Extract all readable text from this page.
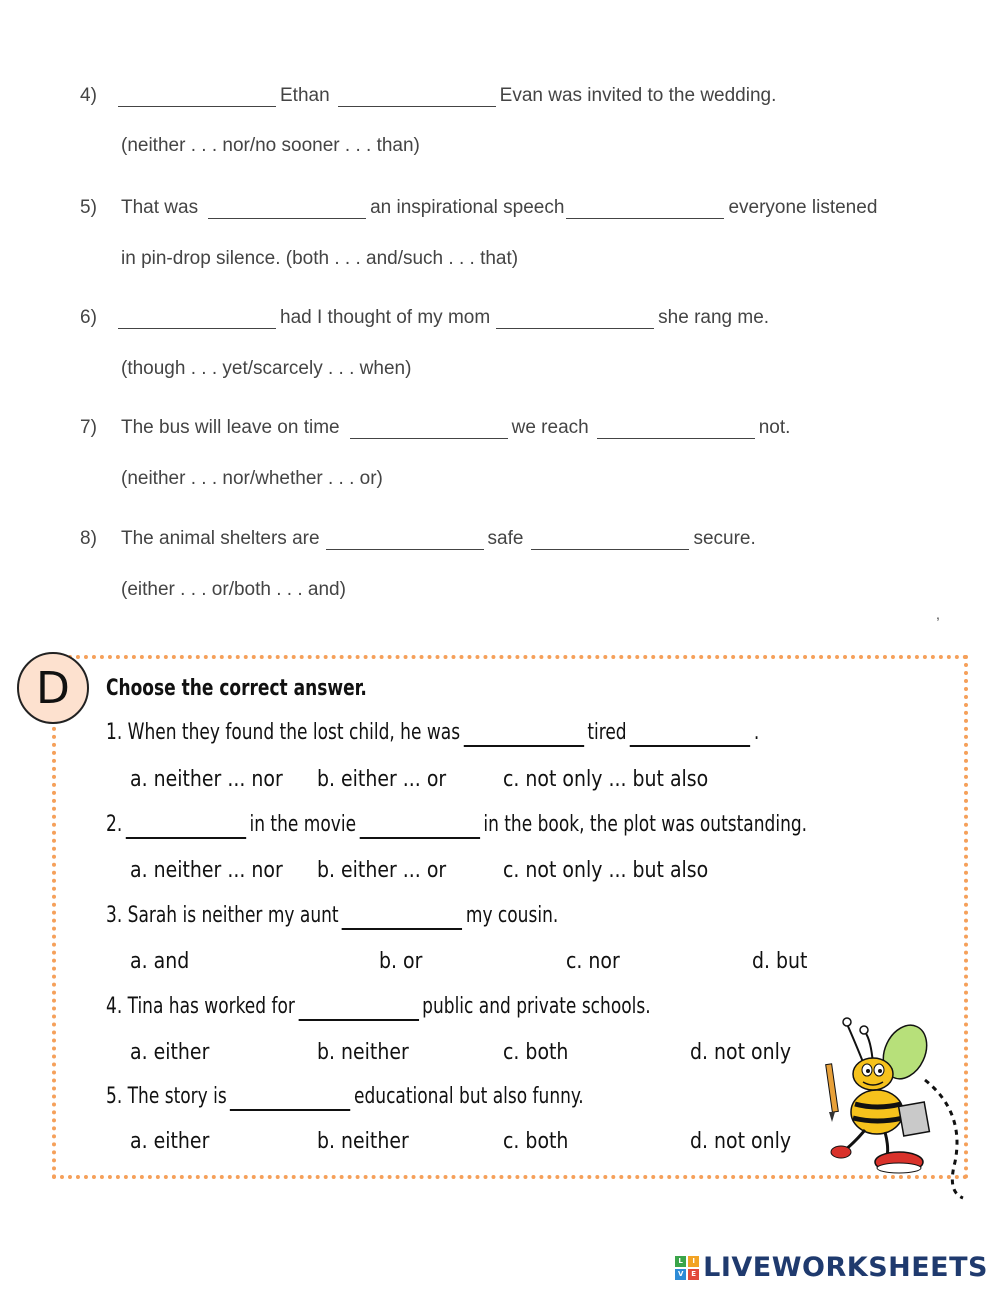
4)	Ethan	Evan was invited to the wedding.
(neither . . . nor/no sooner . . . than)
5) That was	an inspirational speech	everyone listened
in pin-drop silence. (both . . . and/such . . . that)
6)	had I thought of my mom	she rang me.
(though . . . yet/scarcely . . . when)
7) The bus will leave on time	we reach	not.
(neither . . . nor/whether . . . or)
8) The animal shelters are	safe	secure.
(either . . . or/both . . . and)
,
D	Choose the correct answer.
1. When they found the lost child, he was	tired	.
a. neither ... nor b. either ... or	c. not only ... but also
2.	in the movie	in the book, the plot was outstanding.
a. neither ... nor b. either ... or	c. not only ... but also
3. Sarah is neither my aunt	my cousin.
a. and	b. or	c. nor	d. but
4. Tina has worked for	public and private schools.
a. either	b. neither	c. both	d. not only
5. The story is	educational but also funny.
a. either	b. neither	c. both	d. not only
L	I
V	E LIVEWORKSHEETS
